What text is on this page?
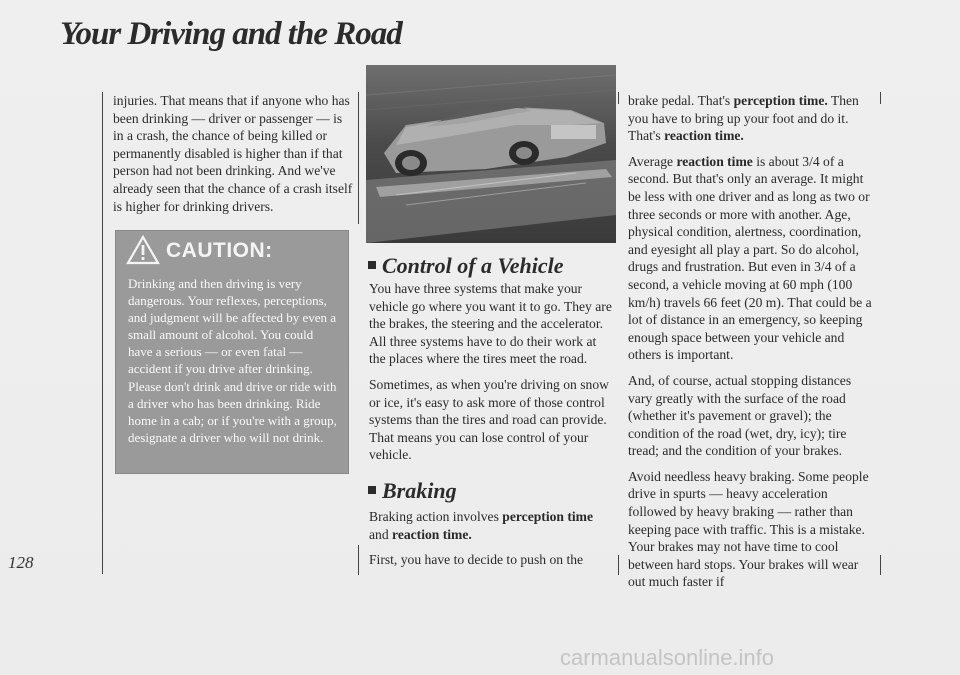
Your Driving and the Road
128

injuries. That means that if anyone who has been drinking — driver or passenger — is in a crash, the chance of being killed or permanently disabled is higher than if that person had not been drinking. And we've already seen that the chance of a crash itself is higher for drinking drivers.

CAUTION:
Drinking and then driving is very dangerous. Your reflexes, perceptions, and judgment will be affected by even a small amount of alcohol. You could have a serious — or even fatal — accident if you drive after drinking. Please don't drink and drive or ride with a driver who has been drinking. Ride home in a cab; or if you're with a group, designate a driver who will not drink.
Control of a Vehicle

You have three systems that make your vehicle go where you want it to go. They are the brakes, the steering and the accelerator. All three systems have to do their work at the places where the tires meet the road.

Sometimes, as when you're driving on snow or ice, it's easy to ask more of those control systems than the tires and road can provide. That means you can lose control of your vehicle.

Braking

Braking action involves perception time and reaction time.

First, you have to decide to push on the

brake pedal. That's perception time. Then you have to bring up your foot and do it. That's reaction time.

Average reaction time is about 3/4 of a second. But that's only an average. It might be less with one driver and as long as two or three seconds or more with another. Age, physical condition, alertness, coordination, and eyesight all play a part. So do alcohol, drugs and frustration. But even in 3/4 of a second, a vehicle moving at 60 mph (100 km/h) travels 66 feet (20 m). That could be a lot of distance in an emergency, so keeping enough space between your vehicle and others is important.

And, of course, actual stopping distances vary greatly with the surface of the road (whether it's pavement or gravel); the condition of the road (wet, dry, icy); tire tread; and the condition of your brakes.

Avoid needless heavy braking. Some people drive in spurts — heavy acceleration followed by heavy braking — rather than keeping pace with traffic. This is a mistake. Your brakes may not have time to cool between hard stops. Your brakes will wear out much faster if

carmanualsonline.info
